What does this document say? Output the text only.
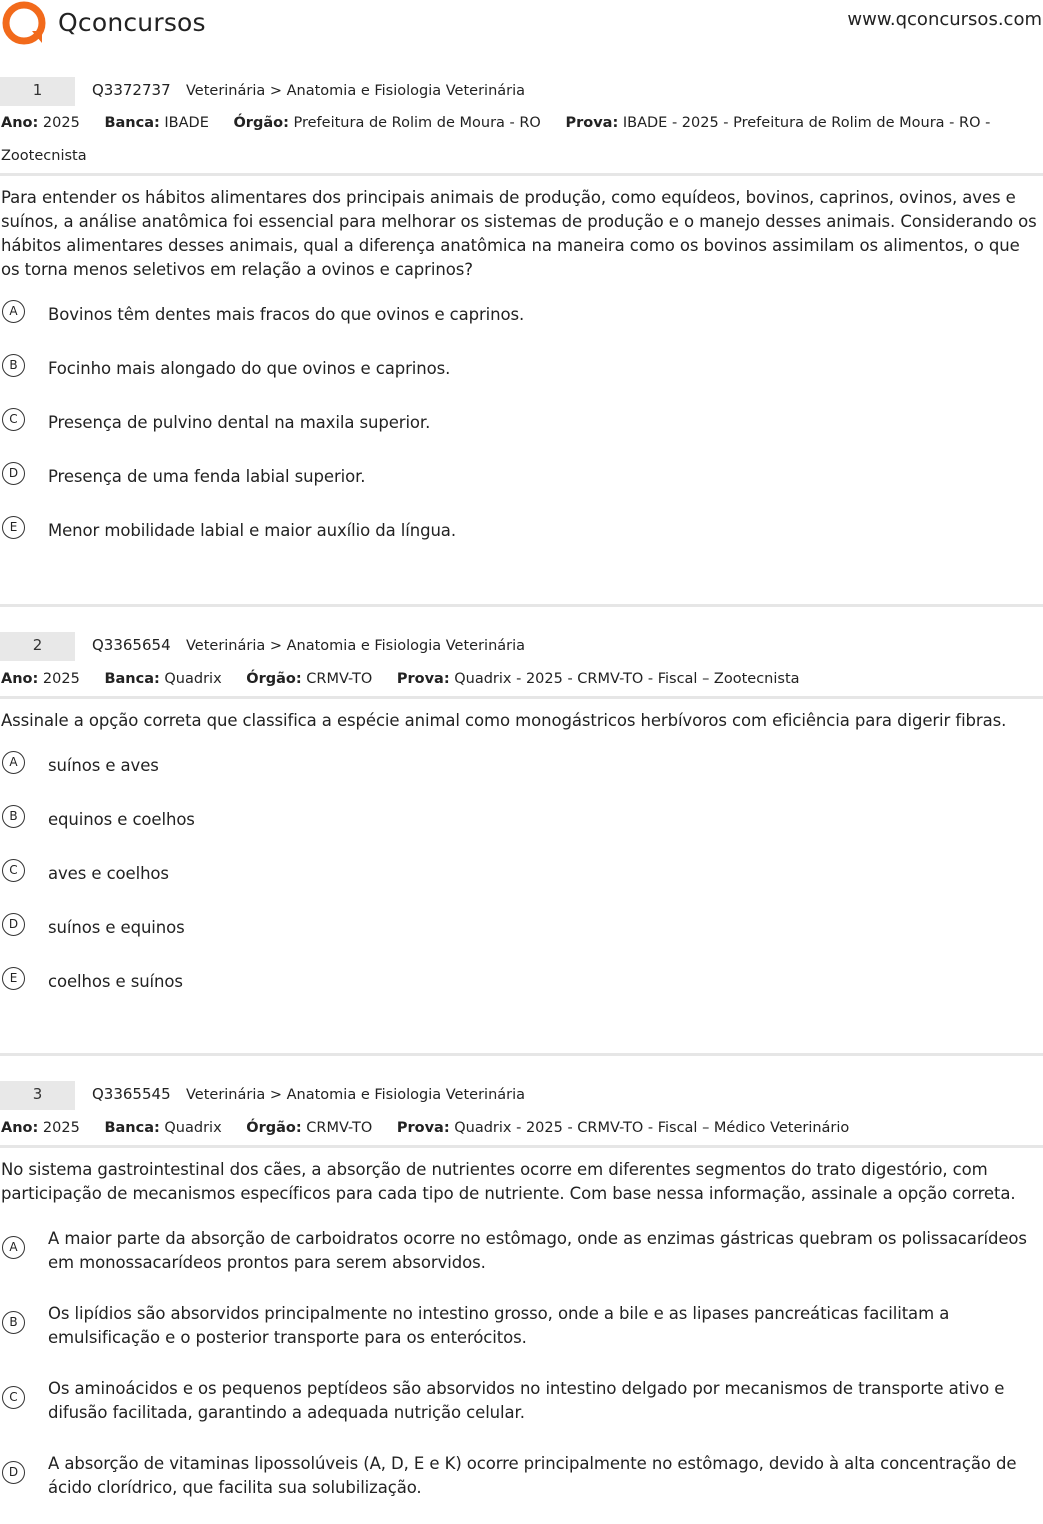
Qconcursos	www.qconcursos.com
1	Q3372737 Veterinária > Anatomia e Fisiologia Veterinária
Ano: 2025 Banca: IBADE Órgão: Prefeitura de Rolim de Moura - RO Prova: IBADE - 2025 - Prefeitura de Rolim de Moura - RO - Zootecnista
Para entender os hábitos alimentares dos principais animais de produção, como equídeos, bovinos, caprinos, ovinos, aves e suínos, a análise anatômica foi essencial para melhorar os sistemas de produção e o manejo desses animais. Considerando os hábitos alimentares desses animais, qual a diferença anatômica na maneira como os bovinos assimilam os alimentos, o que os torna menos seletivos em relação a ovinos e caprinos?
A	Bovinos têm dentes mais fracos do que ovinos e caprinos.
B	Focinho mais alongado do que ovinos e caprinos.
C	Presença de pulvino dental na maxila superior.
D	Presença de uma fenda labial superior.
E	Menor mobilidade labial e maior auxílio da língua.
2	Q3365654 Veterinária > Anatomia e Fisiologia Veterinária
Ano: 2025 Banca: Quadrix Órgão: CRMV-TO Prova: Quadrix - 2025 - CRMV-TO - Fiscal – Zootecnista
Assinale a opção correta que classifica a espécie animal como monogástricos herbívoros com eficiência para digerir fibras.
A	suínos e aves
B	equinos e coelhos
C	aves e coelhos
D	suínos e equinos
E	coelhos e suínos
3	Q3365545 Veterinária > Anatomia e Fisiologia Veterinária
Ano: 2025 Banca: Quadrix Órgão: CRMV-TO Prova: Quadrix - 2025 - CRMV-TO - Fiscal – Médico Veterinário
No sistema gastrointestinal dos cães, a absorção de nutrientes ocorre em diferentes segmentos do trato digestório, com participação de mecanismos específicos para cada tipo de nutriente. Com base nessa informação, assinale a opção correta.
A	A maior parte da absorção de carboidratos ocorre no estômago, onde as enzimas gástricas quebram os polissacarídeos em monossacarídeos prontos para serem absorvidos.
B	Os lipídios são absorvidos principalmente no intestino grosso, onde a bile e as lipases pancreáticas facilitam a emulsificação e o posterior transporte para os enterócitos.
C	Os aminoácidos e os pequenos peptídeos são absorvidos no intestino delgado por mecanismos de transporte ativo e difusão facilitada, garantindo a adequada nutrição celular.
D	A absorção de vitaminas lipossolúveis (A, D, E e K) ocorre principalmente no estômago, devido à alta concentração de ácido clorídrico, que facilita sua solubilização.
